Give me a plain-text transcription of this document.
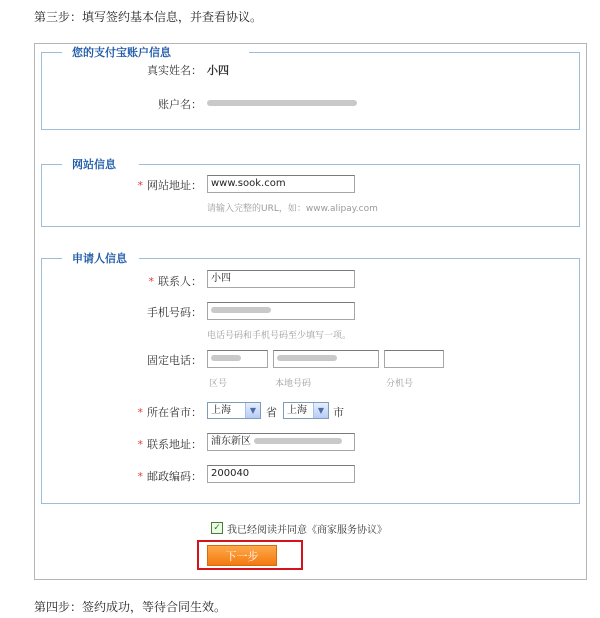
第三步：填写签约基本信息，并查看协议。
您的支付宝账户信息
真实姓名： 小四
账户名：
网站信息
* 网站地址： www.sook.com
请输入完整的URL，如：www.alipay.com
申请人信息
* 联系人： 小四
手机号码：
电话号码和手机号码至少填写一项。
固定电话：
区号	本地号码	分机号
* 所在省市： 上海	▼ 省	上海	▼ 市
* 联系地址： 浦东新区
* 邮政编码： 200040
✓ 我已经阅读并同意《商家服务协议》
下一步
第四步：签约成功，等待合同生效。
